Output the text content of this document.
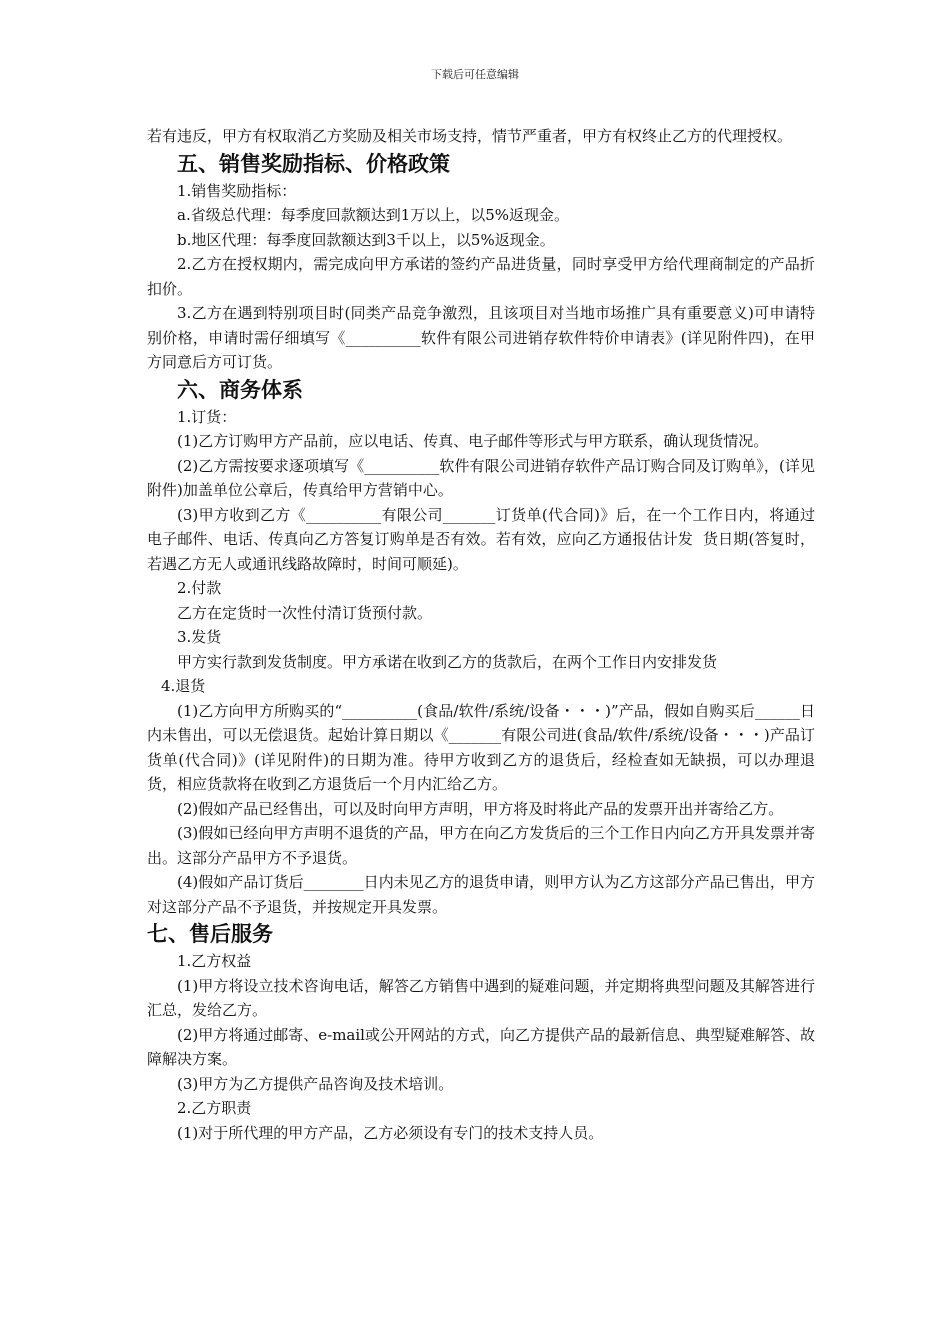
下载后可任意编辑

若有违反，甲方有权取消乙方奖励及相关市场支持，情节严重者，甲方有权终止乙方的代理授权。

五、销售奖励指标、价格政策

1.销售奖励指标：

a.省级总代理：每季度回款额达到1万以上，以5%返现金。

b.地区代理：每季度回款额达到3千以上，以5%返现金。

2.乙方在授权期内，需完成向甲方承诺的签约产品进货量，同时享受甲方给代理商制定的产品折扣价。

3.乙方在遇到特别项目时(同类产品竞争激烈，且该项目对当地市场推广具有重要意义)可申请特别价格，申请时需仔细填写《__________软件有限公司进销存软件特价申请表》(详见附件四)，在甲方同意后方可订货。

六、商务体系

1.订货：

(1)乙方订购甲方产品前，应以电话、传真、电子邮件等形式与甲方联系，确认现货情况。

(2)乙方需按要求逐项填写《__________软件有限公司进销存软件产品订购合同及订购单》，(详见附件)加盖单位公章后，传真给甲方营销中心。

(3)甲方收到乙方《__________有限公司_______订货单(代合同)》后，在一个工作日内，将通过电子邮件、电话、传真向乙方答复订购单是否有效。若有效，应向乙方通报估计发  货日期(答复时，若遇乙方无人或通讯线路故障时，时间可顺延)。

2.付款

乙方在定货时一次性付清订货预付款。

3.发货

甲方实行款到发货制度。甲方承诺在收到乙方的货款后，在两个工作日内安排发货

4.退货

(1)乙方向甲方所购买的“__________(食品/软件/系统/设备・・・)”产品，假如自购买后______日内未售出，可以无偿退货。起始计算日期以《_______有限公司进(食品/软件/系统/设备・・・)产品订货单(代合同)》(详见附件)的日期为准。待甲方收到乙方的退货后，经检查如无缺损，可以办理退货，相应货款将在收到乙方退货后一个月内汇给乙方。

(2)假如产品已经售出，可以及时向甲方声明，甲方将及时将此产品的发票开出并寄给乙方。

(3)假如已经向甲方声明不退货的产品，甲方在向乙方发货后的三个工作日内向乙方开具发票并寄出。这部分产品甲方不予退货。

(4)假如产品订货后________日内未见乙方的退货申请，则甲方认为乙方这部分产品已售出，甲方对这部分产品不予退货，并按规定开具发票。

七、售后服务

1.乙方权益

(1)甲方将设立技术咨询电话，解答乙方销售中遇到的疑难问题，并定期将典型问题及其解答进行汇总，发给乙方。

(2)甲方将通过邮寄、e-mail或公开网站的方式，向乙方提供产品的最新信息、典型疑难解答、故障解决方案。

(3)甲方为乙方提供产品咨询及技术培训。

2.乙方职责

(1)对于所代理的甲方产品，乙方必须设有专门的技术支持人员。
